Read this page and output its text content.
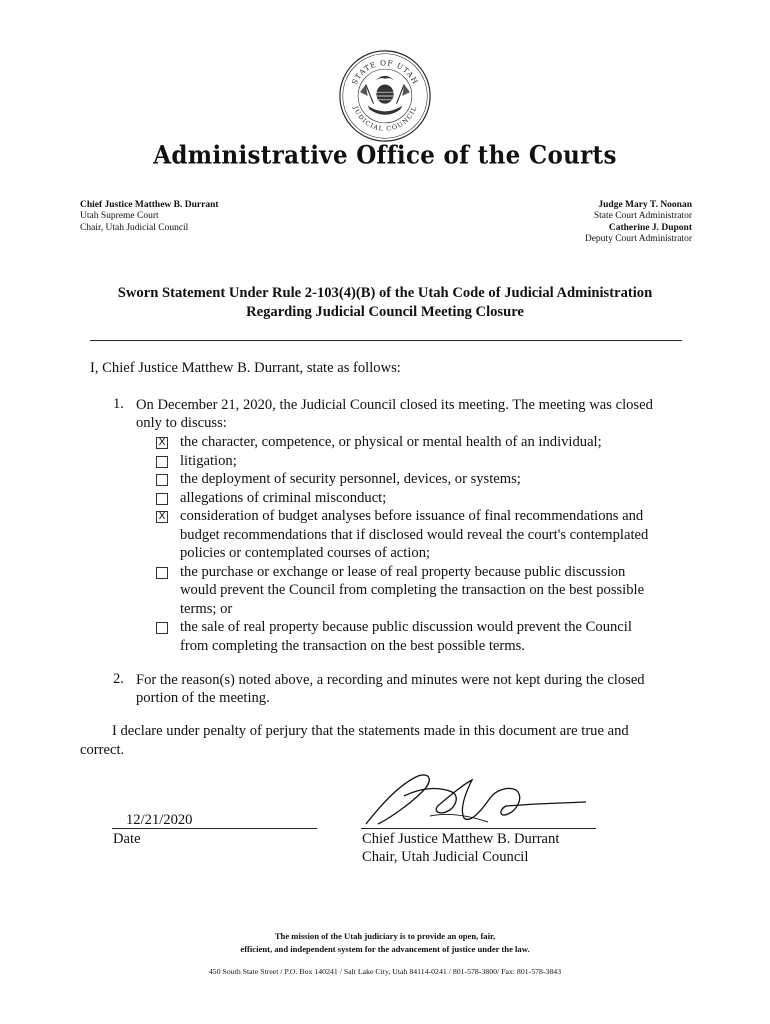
STATE OF UTAH
JUDICIAL COUNCIL
Administrative Office of the Courts
Chief Justice Matthew B. Durrant
Utah Supreme Court
Chair, Utah Judicial Council
Judge Mary T. Noonan
State Court Administrator
Catherine J. Dupont
Deputy Court Administrator
Sworn Statement Under Rule 2-103(4)(B) of the Utah Code of Judicial Administration
Regarding Judicial Council Meeting Closure
I, Chief Justice Matthew B. Durrant, state as follows:
1. On December 21, 2020, the Judicial Council closed its meeting. The meeting was closed
only to discuss:
X the character, competence, or physical or mental health of an individual;
litigation;
the deployment of security personnel, devices, or systems;
allegations of criminal misconduct;
X consideration of budget analyses before issuance of final recommendations and
budget recommendations that if disclosed would reveal the court's contemplated
policies or contemplated courses of action;
the purchase or exchange or lease of real property because public discussion
would prevent the Council from completing the transaction on the best possible
terms; or
the sale of real property because public discussion would prevent the Council
from completing the transaction on the best possible terms.
2. For the reason(s) noted above, a recording and minutes were not kept during the closed
portion of the meeting.
I declare under penalty of perjury that the statements made in this document are true and
correct.
12/21/2020
Date	Chief Justice Matthew B. Durrant
Chair, Utah Judicial Council
The mission of the Utah judiciary is to provide an open, fair,
efficient, and independent system for the advancement of justice under the law.
450 South State Street / P.O. Box 140241 / Salt Lake City, Utah 84114-0241 / 801-578-3800/ Fax: 801-578-3843
